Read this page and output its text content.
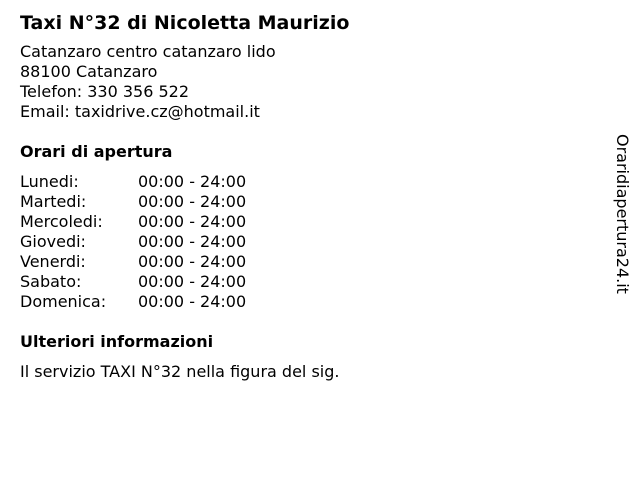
Taxi N°32 di Nicoletta Maurizio
Catanzaro centro catanzaro lido
88100 Catanzaro
Telefon: 330 356 522
Email: taxidrive.cz@hotmail.it
Orari di apertura
Lunedi:	00:00 - 24:00
Martedi:	00:00 - 24:00
Mercoledi:	00:00 - 24:00
Giovedi:	00:00 - 24:00
Venerdi:	00:00 - 24:00
Sabato:	00:00 - 24:00
Domenica:	00:00 - 24:00
Ulteriori informazioni
Il servizio TAXI N°32 nella figura del sig.
Oraridiapertura24.it
